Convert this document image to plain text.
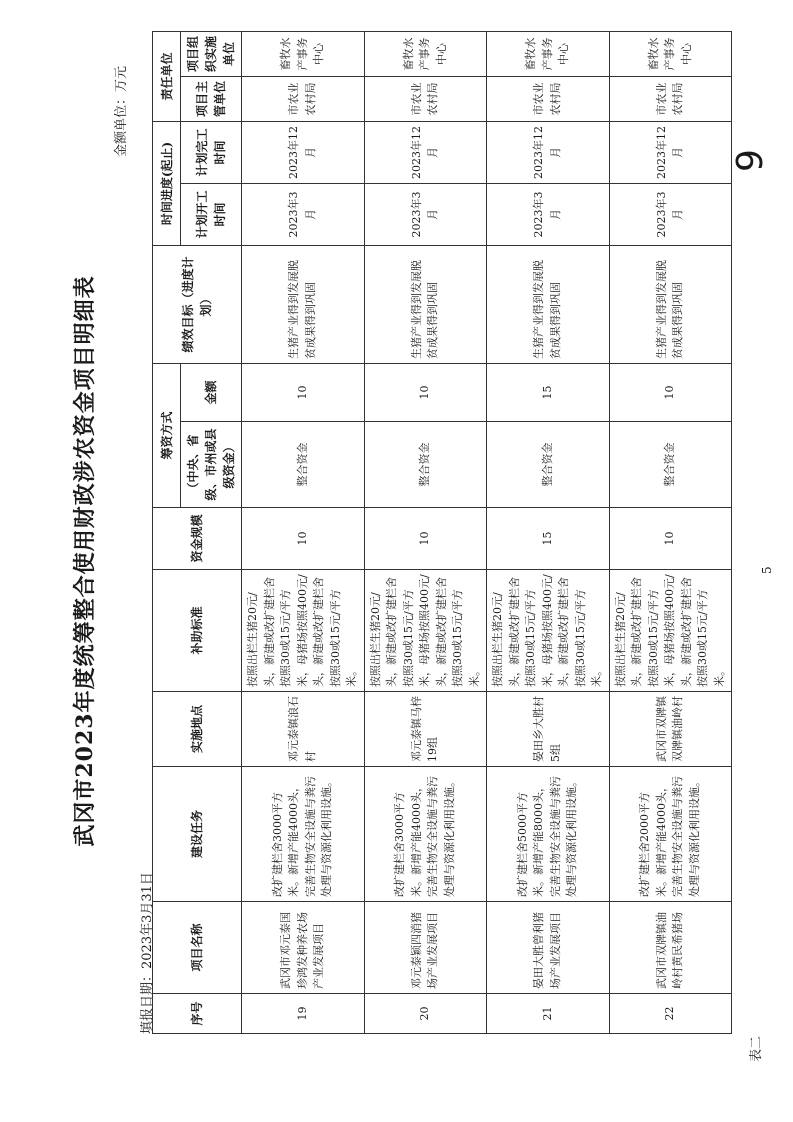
表二
武冈市2023年度统筹整合使用财政涉农资金项目明细表
金额单位：万元
填报日期：2023年3月31日	序号	项目名称	建设任务	实施地点	补助标准	资金规模	筹资方式		绩效目标（进度计划）	时间进度(起止)		责任单位	
						（中央、省级、市州或县级资金）	金额		计划开工时间	计划完工时间	项目主管单位	项目组织实施单位
19	武冈市邓元泰国珍鸿发种养农场产业发展项目	改扩建栏舍3000平方米。新增产能4000头，完善生物安全设施与粪污处理与资源化利用设施。	邓元泰镇浪石村	按照出栏生猪20元/头，新建或改扩建栏舍按照30或15元/平方米，母猪场按照400元/头，新建或改扩建栏舍按照30或15元/平方米。	10	整合资金	10	生猪产业得到发展脱贫成果得到巩固	2023年3月	2023年12月	市农业农村局	畜牧水产事务中心
20	邓元泰颖四消猪场产业发展项目	改扩建栏舍3000平方米。新增产能4000头，完善生物安全设施与粪污处理与资源化利用设施。	邓元泰镇马梓19组	按照出栏生猪20元/头，新建或改扩建栏舍按照30或15元/平方米，母猪场按照400元/头，新建或改扩建栏舍按照30或15元/平方米。	10	整合资金	10	生猪产业得到发展脱贫成果得到巩固	2023年3月	2023年12月	市农业农村局	畜牧水产事务中心
21	晏田大胜曾利猪场产业发展项目	改扩建栏舍5000平方米。新增产能8000头，完善生物安全设施与粪污处理与资源化利用设施。	晏田乡大胜村5组	按照出栏生猪20元/头，新建或改扩建栏舍按照30或15元/平方米，母猪场按照400元/头，新建或改扩建栏舍按照30或15元/平方米。	15	整合资金	15	生猪产业得到发展脱贫成果得到巩固	2023年3月	2023年12月	市农业农村局	畜牧水产事务中心
22	武冈市双牌镇油岭村黄民希猪场	改扩建栏舍2000平方米。新增产能4000头，完善生物安全设施与粪污处理与资源化利用设施。	武冈市双牌镇双牌镇油岭村	按照出栏生猪20元/头，新建或改扩建栏舍按照30或15元/平方米，母猪场按照400元/头，新建或改扩建栏舍按照30或15元/平方米。	10	整合资金	10	生猪产业得到发展脱贫成果得到巩固	2023年3月	2023年12月	市农业农村局	畜牧水产事务中心
5
9
